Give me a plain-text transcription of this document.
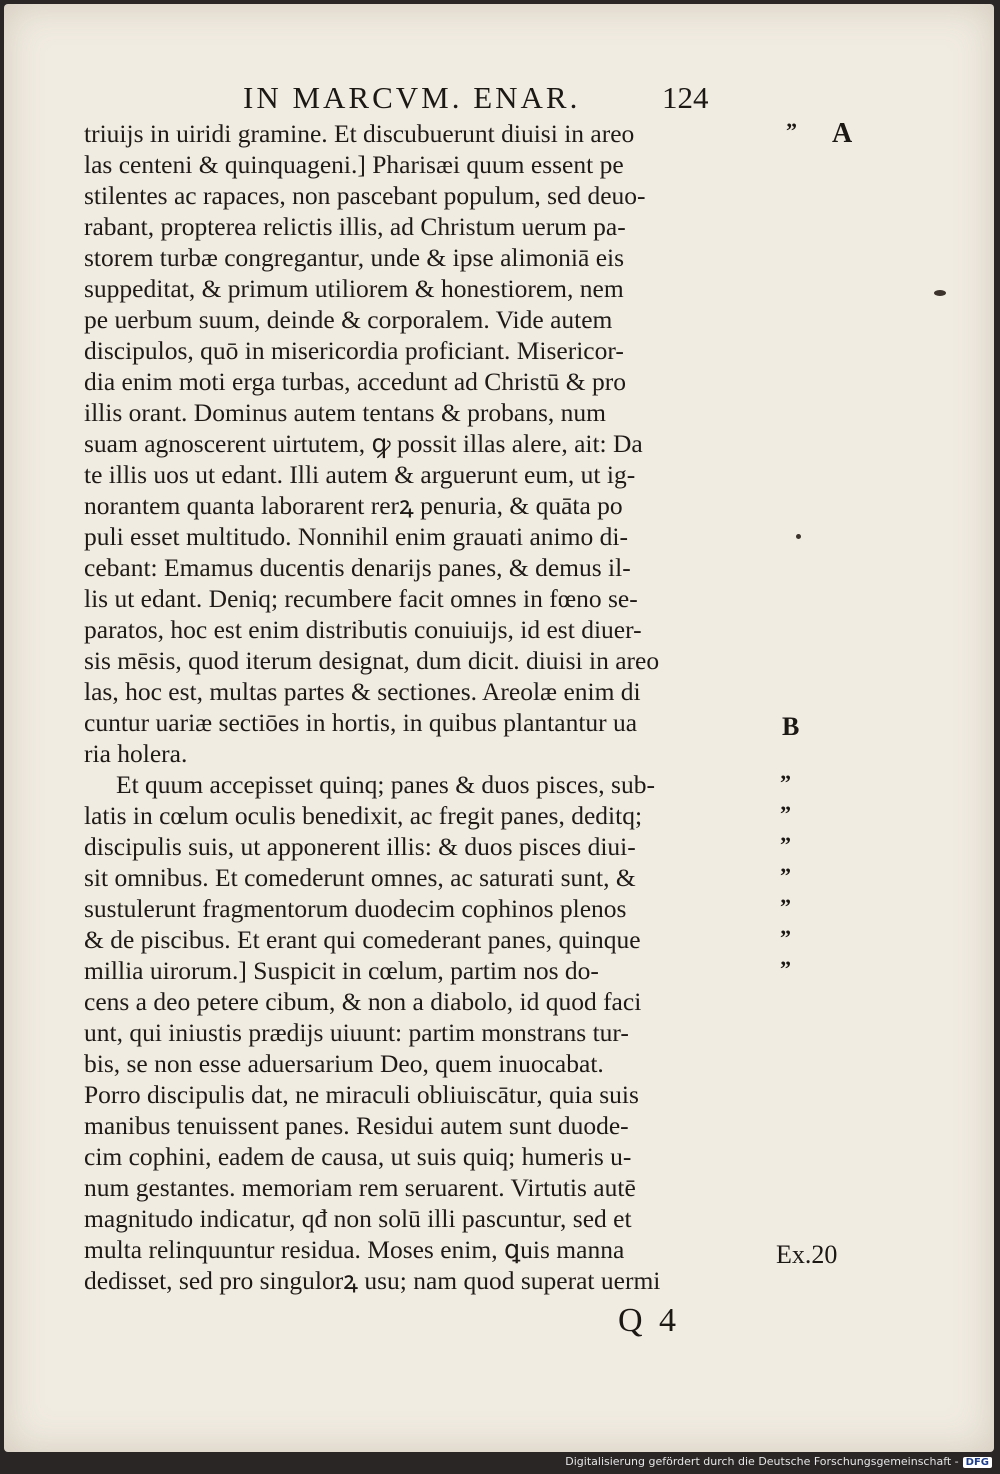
IN MARCVM. ENAR.	124
triuijs in uiridi gramine. Et discubuerunt diuisi in areo
las centeni & quinquageni.] Pharisæi quum essent pe
stilentes ac rapaces, non pascebant populum, sed deuo-
rabant, propterea relictis illis, ad Christum uerum pa-
storem turbæ congregantur, unde & ipse alimoniā eis
suppeditat, & primum utiliorem & honestiorem, nem
pe uerbum suum, deinde & corporalem. Vide autem
discipulos, quō in misericordia proficiant. Misericor-
dia enim moti erga turbas, accedunt ad Christū & pro
illis orant. Dominus autem tentans & probans, num
suam agnoscerent uirtutem, ꝙ possit illas alere, ait: Da
te illis uos ut edant. Illi autem & arguerunt eum, ut ig-
norantem quanta laborarent rerꝝ penuria, & quāta po
puli esset multitudo. Nonnihil enim grauati animo di-
cebant: Emamus ducentis denarijs panes, & demus il-
lis ut edant. Deniq; recumbere facit omnes in fœno se-
paratos, hoc est enim distributis conuiuijs, id est diuer-
sis mēsis, quod iterum designat, dum dicit. diuisi in areo
las, hoc est, multas partes & sectiones. Areolæ enim di
cuntur uariæ sectiōes in hortis, in quibus plantantur ua
ria holera.
Et quum accepisset quinq; panes & duos pisces, sub-
latis in cœlum oculis benedixit, ac fregit panes, deditq;
discipulis suis, ut apponerent illis: & duos pisces diui-
sit omnibus. Et comederunt omnes, ac saturati sunt, &
sustulerunt fragmentorum duodecim cophinos plenos
& de piscibus. Et erant qui comederant panes, quinque
millia uirorum.] Suspicit in cœlum, partim nos do-
cens a deo petere cibum, & non a diabolo, id quod faci
unt, qui iniustis prædijs uiuunt: partim monstrans tur-
bis, se non esse aduersarium Deo, quem inuocabat.
Porro discipulis dat, ne miraculi obliuiscātur, quia suis
manibus tenuissent panes. Residui autem sunt duode-
cim cophini, eadem de causa, ut suis quiq; humeris u-
num gestantes. memoriam rem seruarent. Virtutis autē
magnitudo indicatur, qđ non solū illi pascuntur, sed et
multa relinquuntur residua. Moses enim, ꝗuis manna
dedisset, sed pro singulorꝝ usu; nam quod superat uermi
A
B
Ex.20
”
”
”
”
”
”
”
”
Q 4
Digitalisierung gefördert durch die Deutsche Forschungsgemeinschaft - DFG
